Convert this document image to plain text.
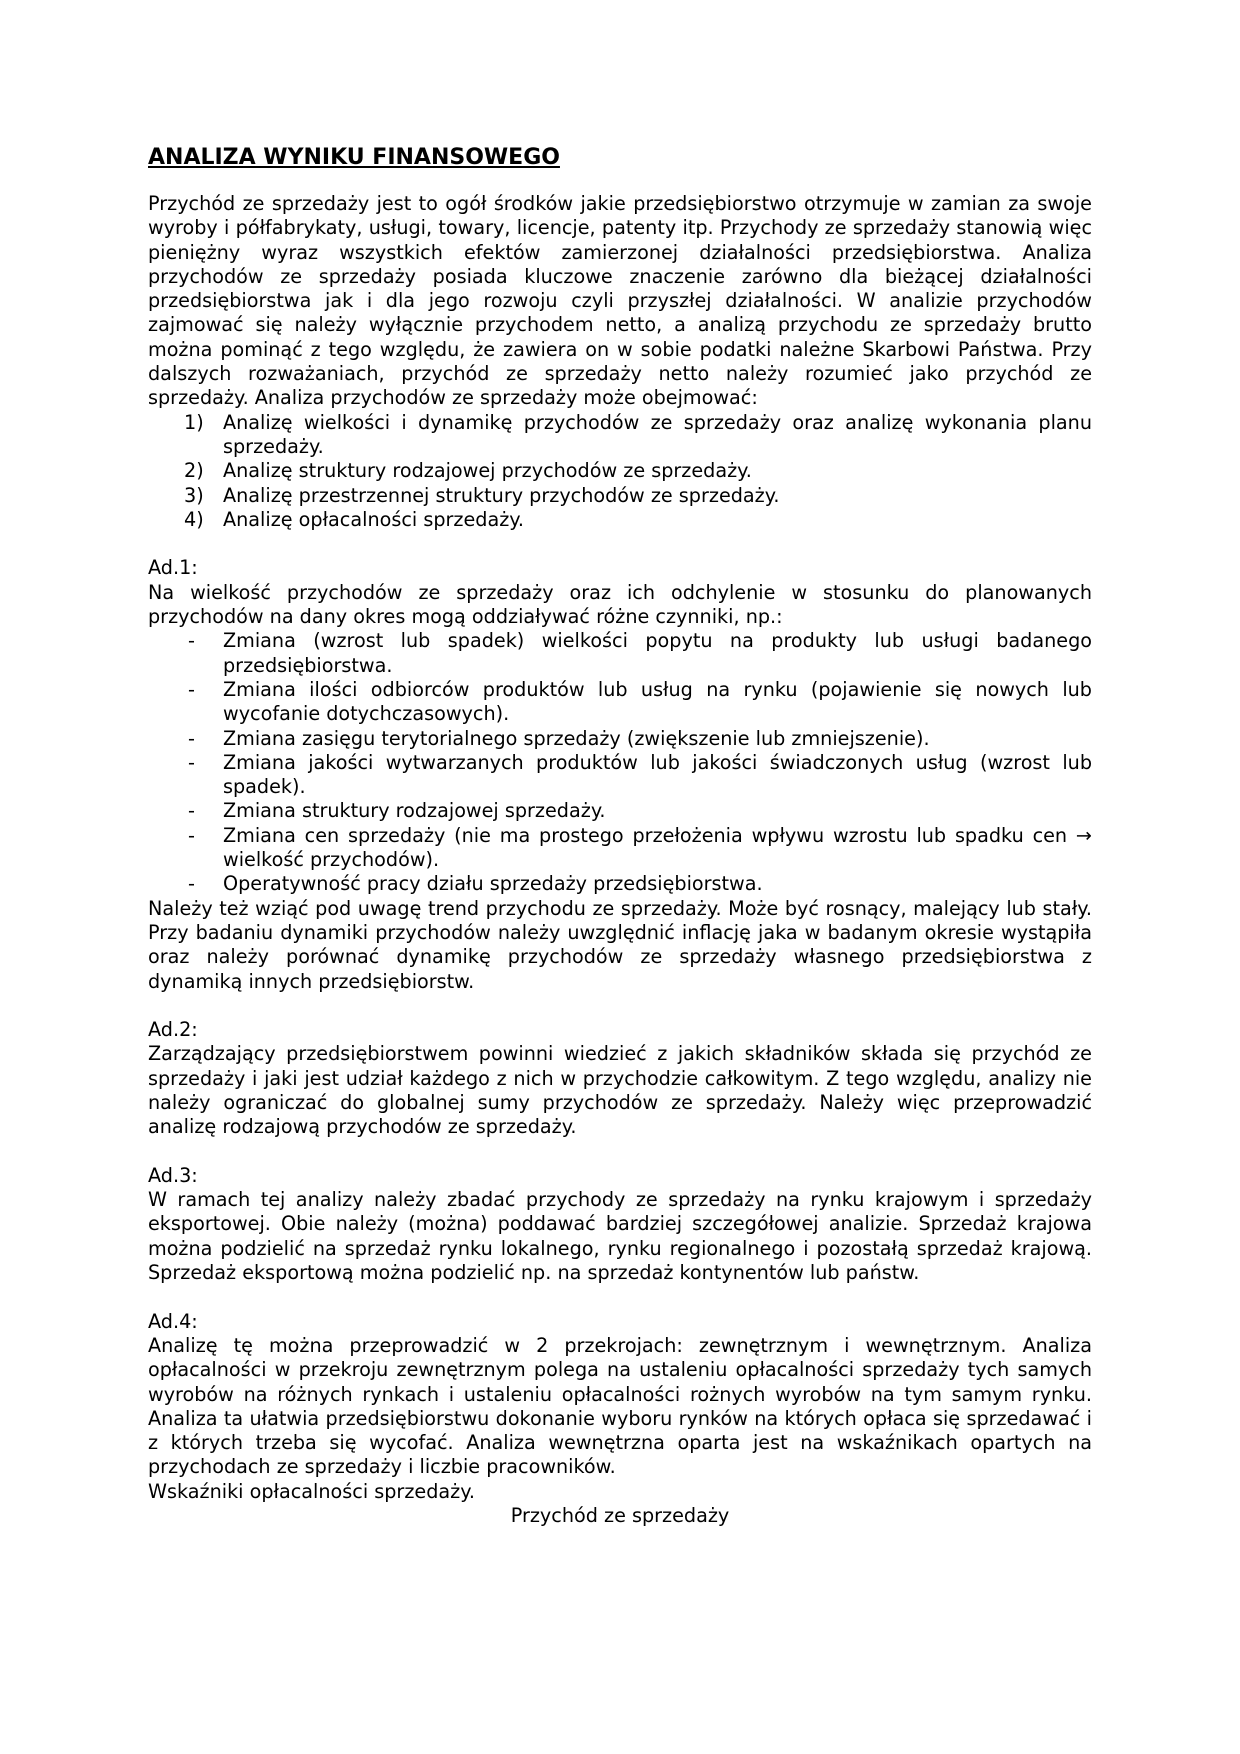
ANALIZA WYNIKU FINANSOWEGO

Przychód ze sprzedaży jest to ogół środków jakie przedsiębiorstwo otrzymuje w zamian za swoje wyroby i półfabrykaty, usługi, towary, licencje, patenty itp. Przychody ze sprzedaży stanowią więc pieniężny wyraz wszystkich efektów zamierzonej działalności przedsiębiorstwa. Analiza przychodów ze sprzedaży posiada kluczowe znaczenie zarówno dla bieżącej działalności przedsiębiorstwa jak i dla jego rozwoju czyli przyszłej działalności. W analizie przychodów zajmować się należy wyłącznie przychodem netto, a analizą przychodu ze sprzedaży brutto można pominąć z tego względu, że zawiera on w sobie podatki należne Skarbowi Państwa. Przy dalszych rozważaniach, przychód ze sprzedaży netto należy rozumieć jako przychód ze sprzedaży. Analiza przychodów ze sprzedaży może obejmować:

1) Analizę wielkości i dynamikę przychodów ze sprzedaży oraz analizę wykonania planu sprzedaży.
2) Analizę struktury rodzajowej przychodów ze sprzedaży.
3) Analizę przestrzennej struktury przychodów ze sprzedaży.
4) Analizę opłacalności sprzedaży.

Ad.1:

Na wielkość przychodów ze sprzedaży oraz ich odchylenie w stosunku do planowanych przychodów na dany okres mogą oddziaływać różne czynniki, np.:

- Zmiana (wzrost lub spadek) wielkości popytu na produkty lub usługi badanego przedsiębiorstwa.
- Zmiana ilości odbiorców produktów lub usług na rynku (pojawienie się nowych lub wycofanie dotychczasowych).
- Zmiana zasięgu terytorialnego sprzedaży (zwiększenie lub zmniejszenie).
- Zmiana jakości wytwarzanych produktów lub jakości świadczonych usług (wzrost lub spadek).
- Zmiana struktury rodzajowej sprzedaży.
- Zmiana cen sprzedaży (nie ma prostego przełożenia wpływu wzrostu lub spadku cen → wielkość przychodów).
- Operatywność pracy działu sprzedaży przedsiębiorstwa.

Należy też wziąć pod uwagę trend przychodu ze sprzedaży. Może być rosnący, malejący lub stały. Przy badaniu dynamiki przychodów należy uwzględnić inflację jaka w badanym okresie wystąpiła oraz należy porównać dynamikę przychodów ze sprzedaży własnego przedsiębiorstwa z dynamiką innych przedsiębiorstw.

Ad.2:

Zarządzający przedsiębiorstwem powinni wiedzieć z jakich składników składa się przychód ze sprzedaży i jaki jest udział każdego z nich w przychodzie całkowitym. Z tego względu, analizy nie należy ograniczać do globalnej sumy przychodów ze sprzedaży. Należy więc przeprowadzić analizę rodzajową przychodów ze sprzedaży.

Ad.3:

W ramach tej analizy należy zbadać przychody ze sprzedaży na rynku krajowym i sprzedaży eksportowej. Obie należy (można) poddawać bardziej szczegółowej analizie. Sprzedaż krajowa można podzielić na sprzedaż rynku lokalnego, rynku regionalnego i pozostałą sprzedaż krajową. Sprzedaż eksportową można podzielić np. na sprzedaż kontynentów lub państw.

Ad.4:

Analizę tę można przeprowadzić w 2 przekrojach: zewnętrznym i wewnętrznym. Analiza opłacalności w przekroju zewnętrznym polega na ustaleniu opłacalności sprzedaży tych samych wyrobów na różnych rynkach i ustaleniu opłacalności rożnych wyrobów na tym samym rynku. Analiza ta ułatwia przedsiębiorstwu dokonanie wyboru rynków na których opłaca się sprzedawać i z których trzeba się wycofać. Analiza wewnętrzna oparta jest na wskaźnikach opartych na przychodach ze sprzedaży i liczbie pracowników.

Wskaźniki opłacalności sprzedaży.

Przychód ze sprzedaży
